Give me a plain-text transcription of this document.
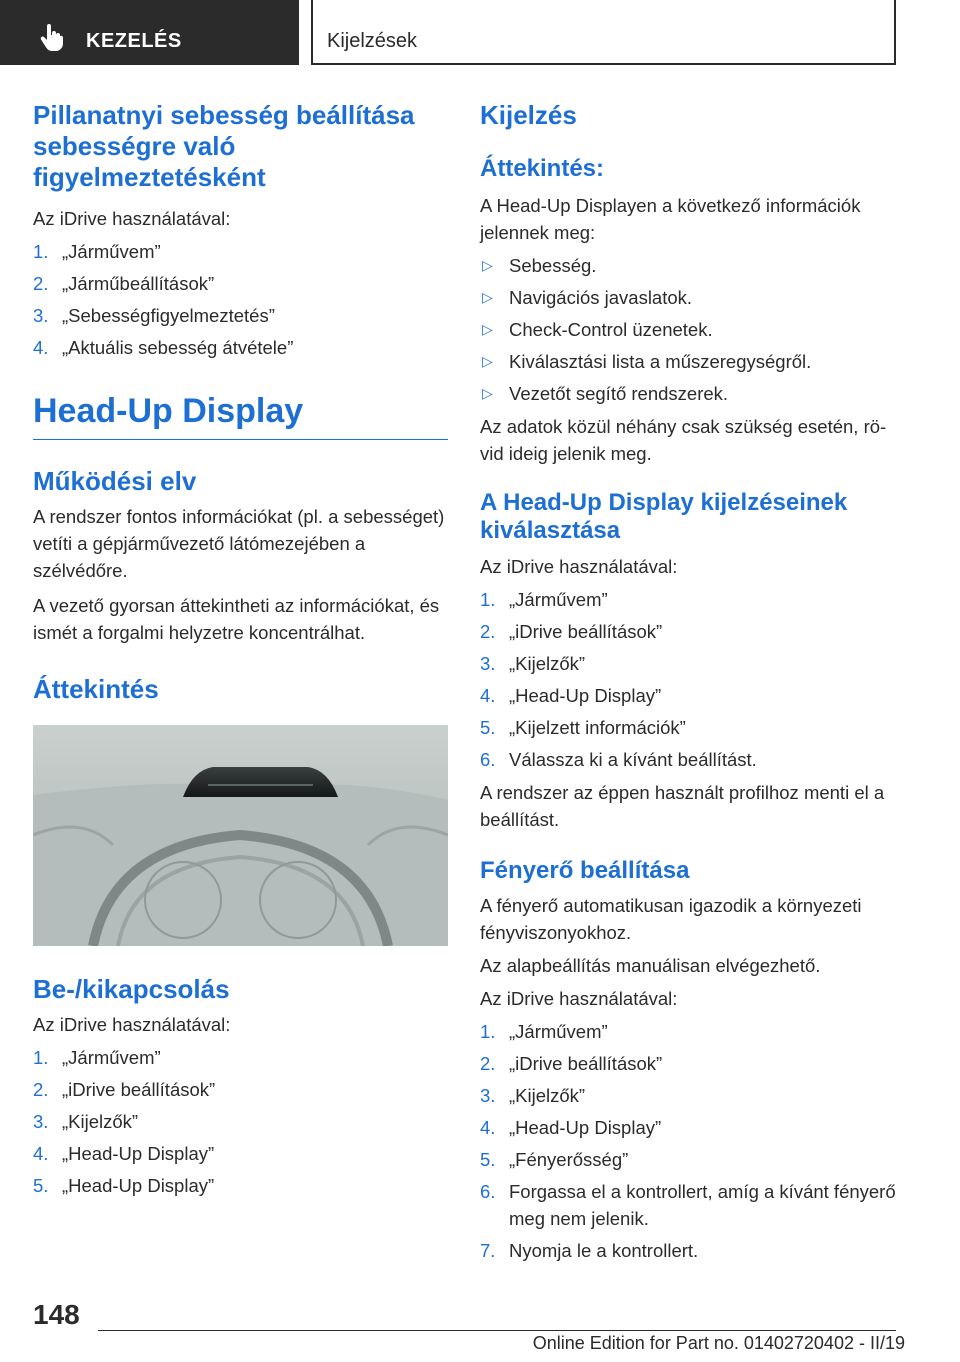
KEZELÉS	Kijelzések
Pillanatnyi sebesség beállítása sebességre való figyelmeztetésként

Az iDrive használatával:

1. „Járművem”
2. „Járműbeállítások”
3. „Sebességfigyelmeztetés”
4. „Aktuális sebesség átvétele”
Head-Up Display
Működési elv

A rendszer fontos információkat (pl. a sebességet) vetíti a gépjárművezető látómezejében a szélvédőre.

A vezető gyorsan áttekintheti az információkat, és ismét a forgalmi helyzetre koncentrálhat.

Áttekintés
Be-/kikapcsolás

Az iDrive használatával:

1. „Járművem”
2. „iDrive beállítások”
3. „Kijelzők”
4. „Head-Up Display”
5. „Head-Up Display”
Kijelzés
Áttekintés:

A Head-Up Displayen a következő információk jelennek meg:

▷ Sebesség.
▷ Navigációs javaslatok.
▷ Check-Control üzenetek.
▷ Kiválasztási lista a műszeregységről.
▷ Vezetőt segítő rendszerek.

Az adatok közül néhány csak szükség esetén, rövid ideig jelenik meg.

A Head-Up Display kijelzéseinek kiválasztása

Az iDrive használatával:

1. „Járművem”
2. „iDrive beállítások”
3. „Kijelzők”
4. „Head-Up Display”
5. „Kijelzett információk”
6. Válassza ki a kívánt beállítást.

A rendszer az éppen használt profilhoz menti el a beállítást.

Fényerő beállítása

A fényerő automatikusan igazodik a környezeti fényviszonyokhoz.

Az alapbeállítás manuálisan elvégezhető.

Az iDrive használatával:

1. „Járművem”
2. „iDrive beállítások”
3. „Kijelzők”
4. „Head-Up Display”
5. „Fényerősség”
6. Forgassa el a kontrollert, amíg a kívánt fényerő meg nem jelenik.
7. Nyomja le a kontrollert.
148
Online Edition for Part no. 01402720402 - II/19
